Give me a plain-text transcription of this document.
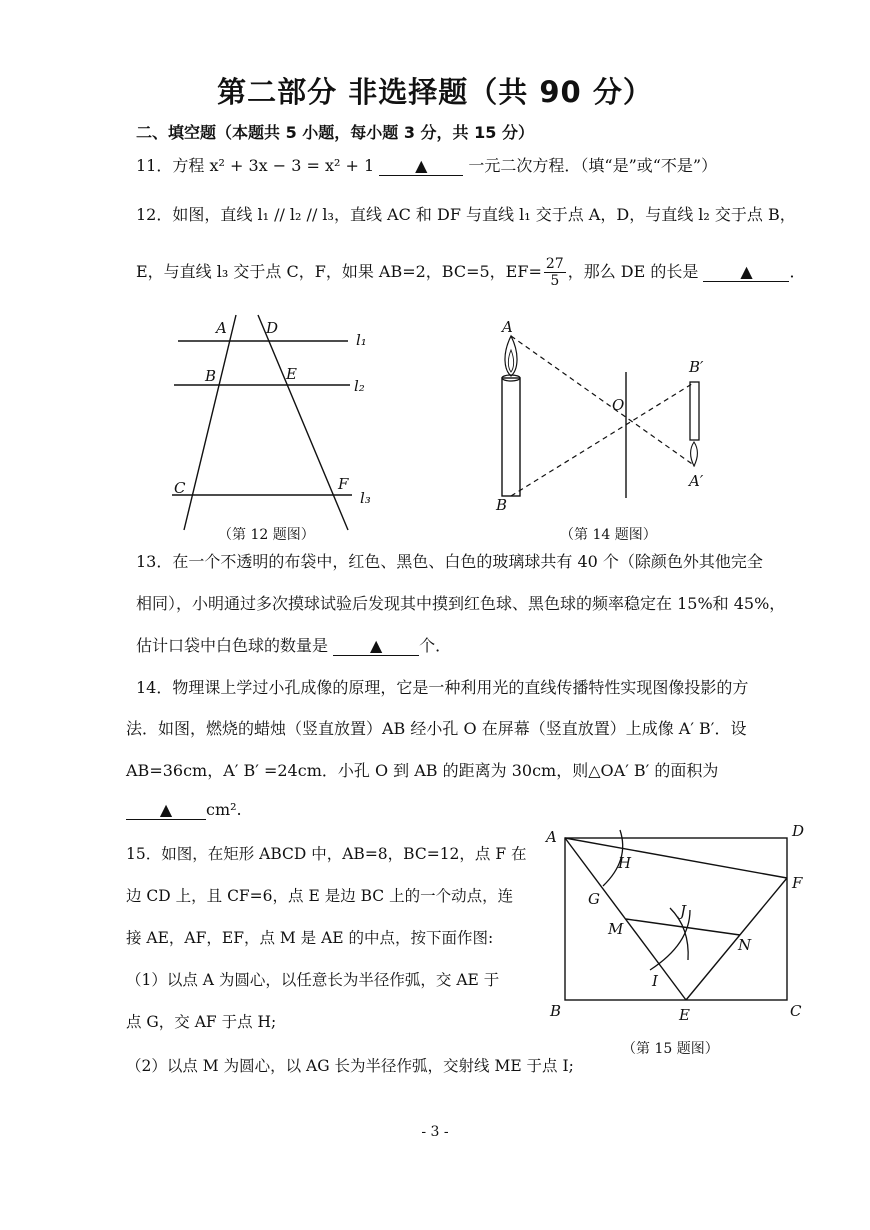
第二部分 非选择题（共 90 分）
二、填空题（本题共 5 小题，每小题 3 分，共 15 分）
11．方程 x² + 3x − 3 = x² + 1	▲	一元二次方程．（填“是”或“不是”）
12．如图，直线 l₁ // l₂ // l₃，直线 AC 和 DF 与直线 l₁ 交于点 A，D，与直线 l₂ 交于点 B，
E，与直线 l₃ 交于点 C，F，如果 AB=2，BC=5，$EF= \frac{27}{5}$ ，那么 DE 的长是	▲ ．
A	D
B	E
C	F
l₁
l₂
l₃
（第 12 题图）
A
B
O
B′
A′
（第 14 题图）
13．在一个不透明的布袋中，红色、黑色、白色的玻璃球共有 40 个（除颜色外其他完全
相同），小明通过多次摸球试验后发现其中摸到红色球、黑色球的频率稳定在 15%和 45%，
估计口袋中白色球的数量是	▲ 个．
14．物理课上学过小孔成像的原理，它是一种利用光的直线传播特性实现图像投影的方
法．如图，燃烧的蜡烛（竖直放置）AB 经小孔 O 在屏幕（竖直放置）上成像 A′ B′．设
AB=36cm，A′ B′ =24cm．小孔 O 到 AB 的距离为 30cm，则△OA′ B′ 的面积为
▲ cm².
15．如图，在矩形 ABCD 中，AB=8，BC=12，点 F 在
边 CD 上，且 CF=6，点 E 是边 BC 上的一个动点，连
接 AE，AF，EF，点 M 是 AE 的中点，按下面作图:
（1）以点 A 为圆心，以任意长为半径作弧，交 AE 于
点 G，交 AF 于点 H;
（2）以点 M 为圆心，以 AG 长为半径作弧，交射线 ME 于点 I;
A	D
H
F
G
J
M
N
I
B	E	C
（第 15 题图）
- 3 -
